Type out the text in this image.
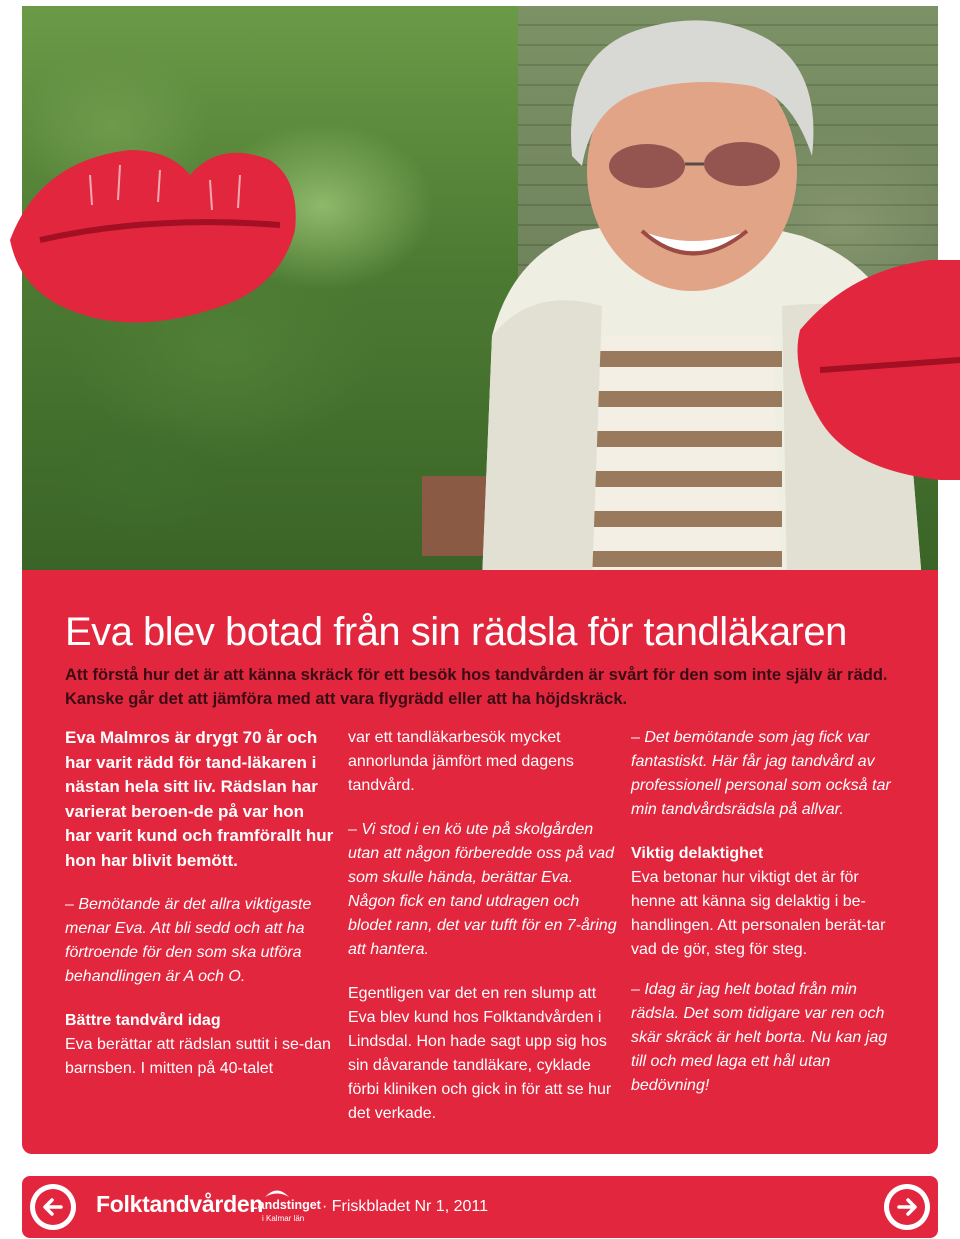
Eva blev botad från sin rädsla för tandläkaren

Att förstå hur det är att känna skräck för ett besök hos tandvården är svårt för den som inte själv är rädd. Kanske går det att jämföra med att vara flygrädd eller att ha höjdskräck.

Eva Malmros är drygt 70 år och har varit rädd för tand-läkaren i nästan hela sitt liv. Rädslan har varierat beroen-de på var hon har varit kund och framförallt hur hon har blivit bemött.

– Bemötande är det allra viktigaste menar Eva. Att bli sedd och att ha förtroende för den som ska utföra behandlingen är A och O.

Bättre tandvård idag

Eva berättar att rädslan suttit i se-dan barnsben. I mitten på 40-talet

var ett tandläkarbesök mycket annorlunda jämfört med dagens tandvård.

– Vi stod i en kö ute på skolgården utan att någon förberedde oss på vad som skulle hända, berättar Eva. Någon fick en tand utdragen och blodet rann, det var tufft för en 7-åring att hantera.

Egentligen var det en ren slump att Eva blev kund hos Folktandvården i Lindsdal. Hon hade sagt upp sig hos sin dåvarande tandläkare, cyklade förbi kliniken och gick in för att se hur det verkade.

– Det bemötande som jag fick var fantastiskt. Här får jag tandvård av professionell personal som också tar min tandvårdsrädsla på allvar.

Viktig delaktighet

Eva betonar hur viktigt det är för henne att känna sig delaktig i be-handlingen. Att personalen berät-tar vad de gör, steg för steg.

– Idag är jag helt botad från min rädsla. Det som tidigare var ren och skär skräck är helt borta. Nu kan jag till och med laga ett hål utan bedövning!

Folktandvården
Landstinget
i Kalmar län
· Friskbladet Nr 1, 2011
